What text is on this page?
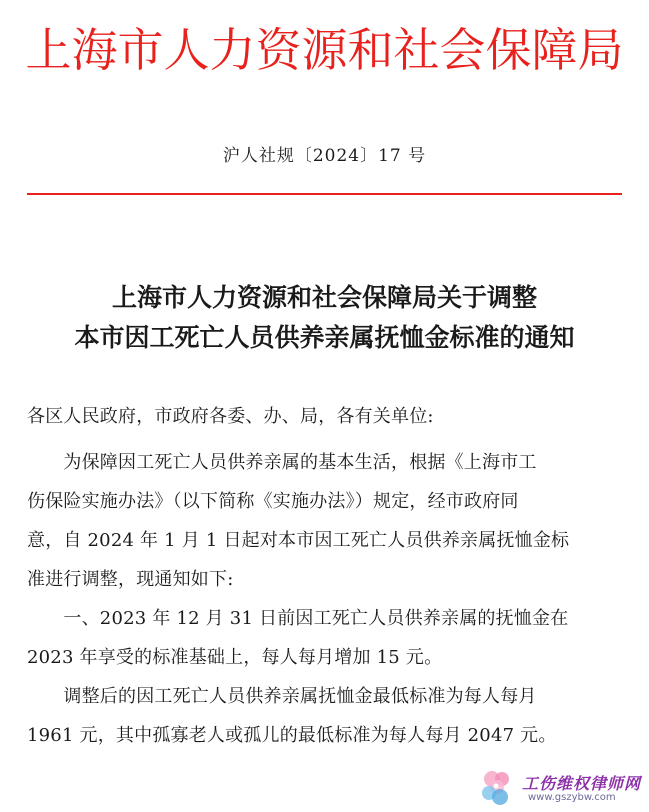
上海市人力资源和社会保障局
沪人社规〔2024〕17 号
上海市人力资源和社会保障局关于调整
本市因工死亡人员供养亲属抚恤金标准的通知
各区人民政府，市政府各委、办、局，各有关单位:
　　为保障因工死亡人员供养亲属的基本生活，根据《上海市工
伤保险实施办法》（以下简称《实施办法》）规定，经市政府同
意，自 2024 年 1 月 1 日起对本市因工死亡人员供养亲属抚恤金标
准进行调整，现通知如下:
　　一、2023 年 12 月 31 日前因工死亡人员供养亲属的抚恤金在
2023 年享受的标准基础上，每人每月增加 15 元。
　　调整后的因工死亡人员供养亲属抚恤金最低标准为每人每月
1961 元，其中孤寡老人或孤儿的最低标准为每人每月 2047 元。
工伤维权律师网
www.gszybw.com
